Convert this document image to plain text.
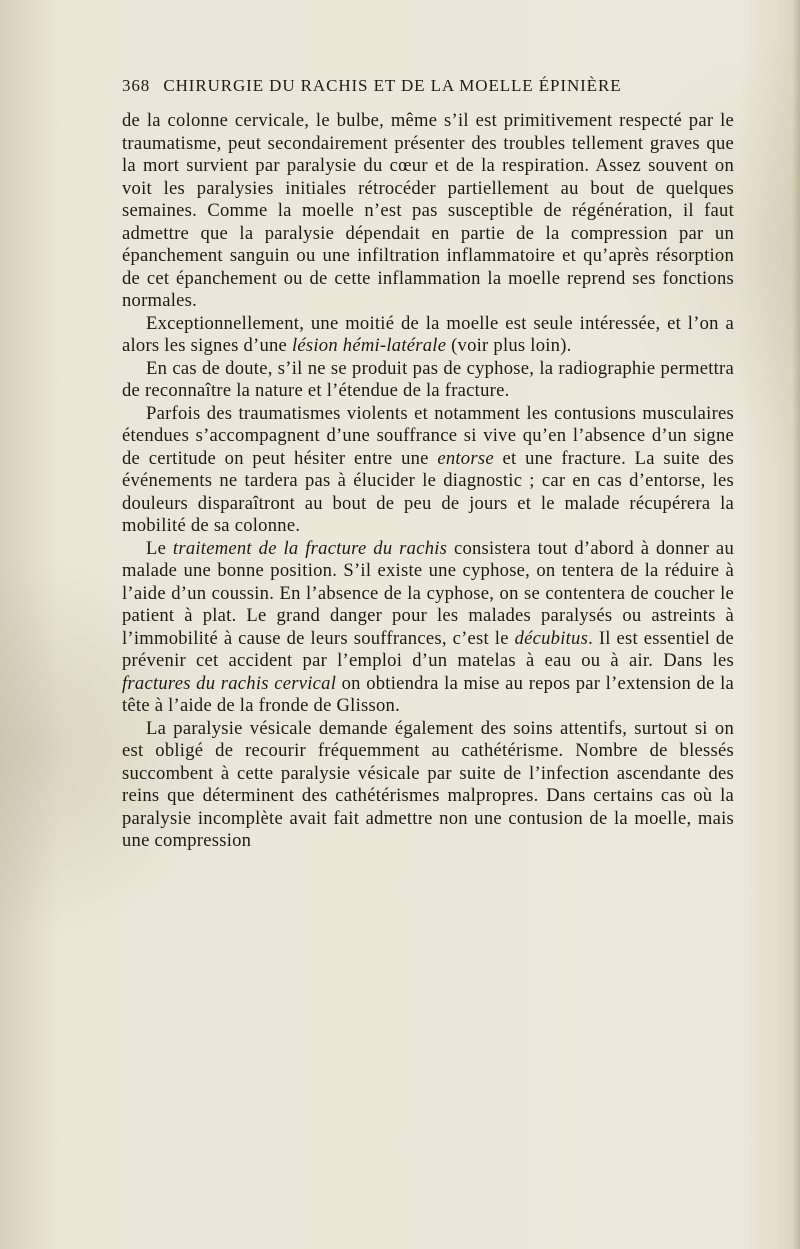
368 CHIRURGIE DU RACHIS ET DE LA MOELLE ÉPINIÈRE

de la colonne cervicale, le bulbe, même s’il est primitivement respecté par le traumatisme, peut secondairement présenter des troubles tellement graves que la mort survient par paralysie du cœur et de la respiration. Assez souvent on voit les paralysies initiales rétrocéder partiellement au bout de quelques semaines. Comme la moelle n’est pas susceptible de régénération, il faut admettre que la paralysie dépendait en partie de la compression par un épanchement sanguin ou une infiltration inflammatoire et qu’après résorption de cet épanchement ou de cette inflammation la moelle reprend ses fonctions normales.

Exceptionnellement, une moitié de la moelle est seule intéressée, et l’on a alors les signes d’une lésion hémi-latérale (voir plus loin).

En cas de doute, s’il ne se produit pas de cyphose, la radiographie permettra de reconnaître la nature et l’étendue de la fracture.

Parfois des traumatismes violents et notamment les contusions musculaires étendues s’accompagnent d’une souffrance si vive qu’en l’absence d’un signe de certitude on peut hésiter entre une entorse et une fracture. La suite des événements ne tardera pas à élucider le diagnostic ; car en cas d’entorse, les douleurs disparaîtront au bout de peu de jours et le malade récupérera la mobilité de sa colonne.

Le traitement de la fracture du rachis consistera tout d’abord à donner au malade une bonne position. S’il existe une cyphose, on tentera de la réduire à l’aide d’un coussin. En l’absence de la cyphose, on se contentera de coucher le patient à plat. Le grand danger pour les malades paralysés ou astreints à l’immobilité à cause de leurs souffrances, c’est le décubitus. Il est essentiel de prévenir cet accident par l’emploi d’un matelas à eau ou à air. Dans les fractures du rachis cervical on obtiendra la mise au repos par l’extension de la tête à l’aide de la fronde de Glisson.

La paralysie vésicale demande également des soins attentifs, surtout si on est obligé de recourir fréquemment au cathétérisme. Nombre de blessés succombent à cette paralysie vésicale par suite de l’infection ascendante des reins que déterminent des cathétérismes malpropres. Dans certains cas où la paralysie incomplète avait fait admettre non une contusion de la moelle, mais une compression
